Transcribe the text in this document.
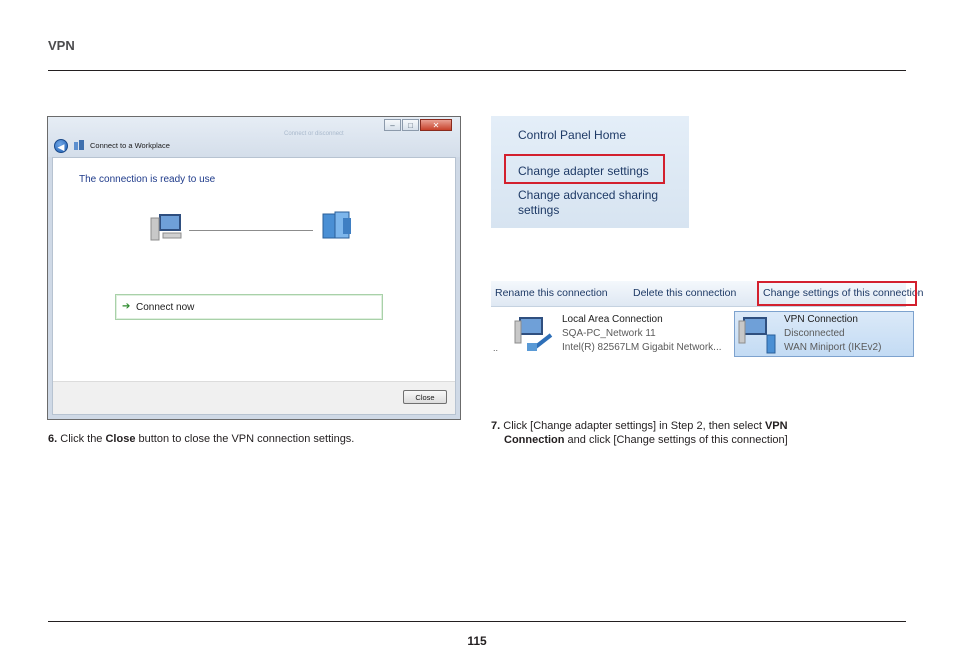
VPN
Connect or disconnect
–	□	✕
◀	Connect to a Workplace
The connection is ready to use
➔ Connect now
Close
6. Click the Close button to close the VPN connection settings.
Control Panel Home
Change adapter settings
Change advanced sharing settings
Rename this connection Delete this connection	Change settings of this connection
..
Local Area Connection
SQA-PC_Network 11
Intel(R) 82567LM Gigabit Network...
VPN Connection
Disconnected
WAN Miniport (IKEv2)
7. Click [Change adapter settings] in Step 2, then select VPN
Connection and click [Change settings of this connection]
115
